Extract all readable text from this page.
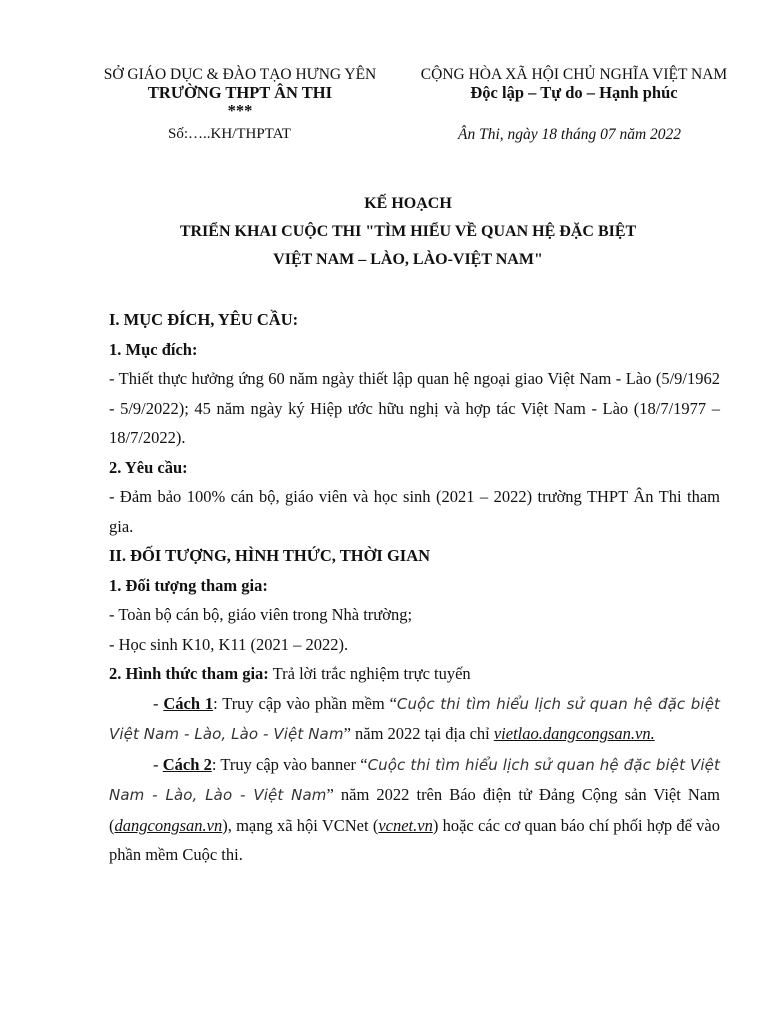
SỞ GIÁO DỤC & ĐÀO TẠO HƯNG YÊN
TRƯỜNG THPT ÂN THI
***
Số:…..KH/THPTAT
CỘNG HÒA XÃ HỘI CHỦ NGHĨA VIỆT NAM
Độc lập – Tự do – Hạnh phúc
Ân Thi, ngày 18 tháng 07 năm 2022
KẾ HOẠCH
TRIỂN KHAI CUỘC THI "TÌM HIỂU VỀ QUAN HỆ ĐẶC BIỆT
VIỆT NAM – LÀO, LÀO-VIỆT NAM"

I. MỤC ĐÍCH, YÊU CẦU:

1. Mục đích:

- Thiết thực hưởng ứng 60 năm ngày thiết lập quan hệ ngoại giao Việt Nam - Lào (5/9/1962 - 5/9/2022); 45 năm ngày ký Hiệp ước hữu nghị và hợp tác Việt Nam - Lào (18/7/1977 – 18/7/2022).

2. Yêu cầu:

- Đảm bảo 100% cán bộ, giáo viên và học sinh (2021 – 2022) trường THPT Ân Thi tham gia.

II. ĐỐI TƯỢNG, HÌNH THỨC, THỜI GIAN

1. Đối tượng tham gia:

- Toàn bộ cán bộ, giáo viên trong Nhà trường;

- Học sinh K10, K11 (2021 – 2022).

2. Hình thức tham gia: Trả lời trắc nghiệm trực tuyến

- Cách 1: Truy cập vào phần mềm “Cuộc thi tìm hiểu lịch sử quan hệ đặc biệt Việt Nam - Lào, Lào - Việt Nam” năm 2022 tại địa chỉ vietlao.dangcongsan.vn.

- Cách 2: Truy cập vào banner “Cuộc thi tìm hiểu lịch sử quan hệ đặc biệt Việt Nam - Lào, Lào - Việt Nam” năm 2022 trên Báo điện tử Đảng Cộng sản Việt Nam (dangcongsan.vn), mạng xã hội VCNet (vcnet.vn) hoặc các cơ quan báo chí phối hợp để vào phần mềm Cuộc thi.
